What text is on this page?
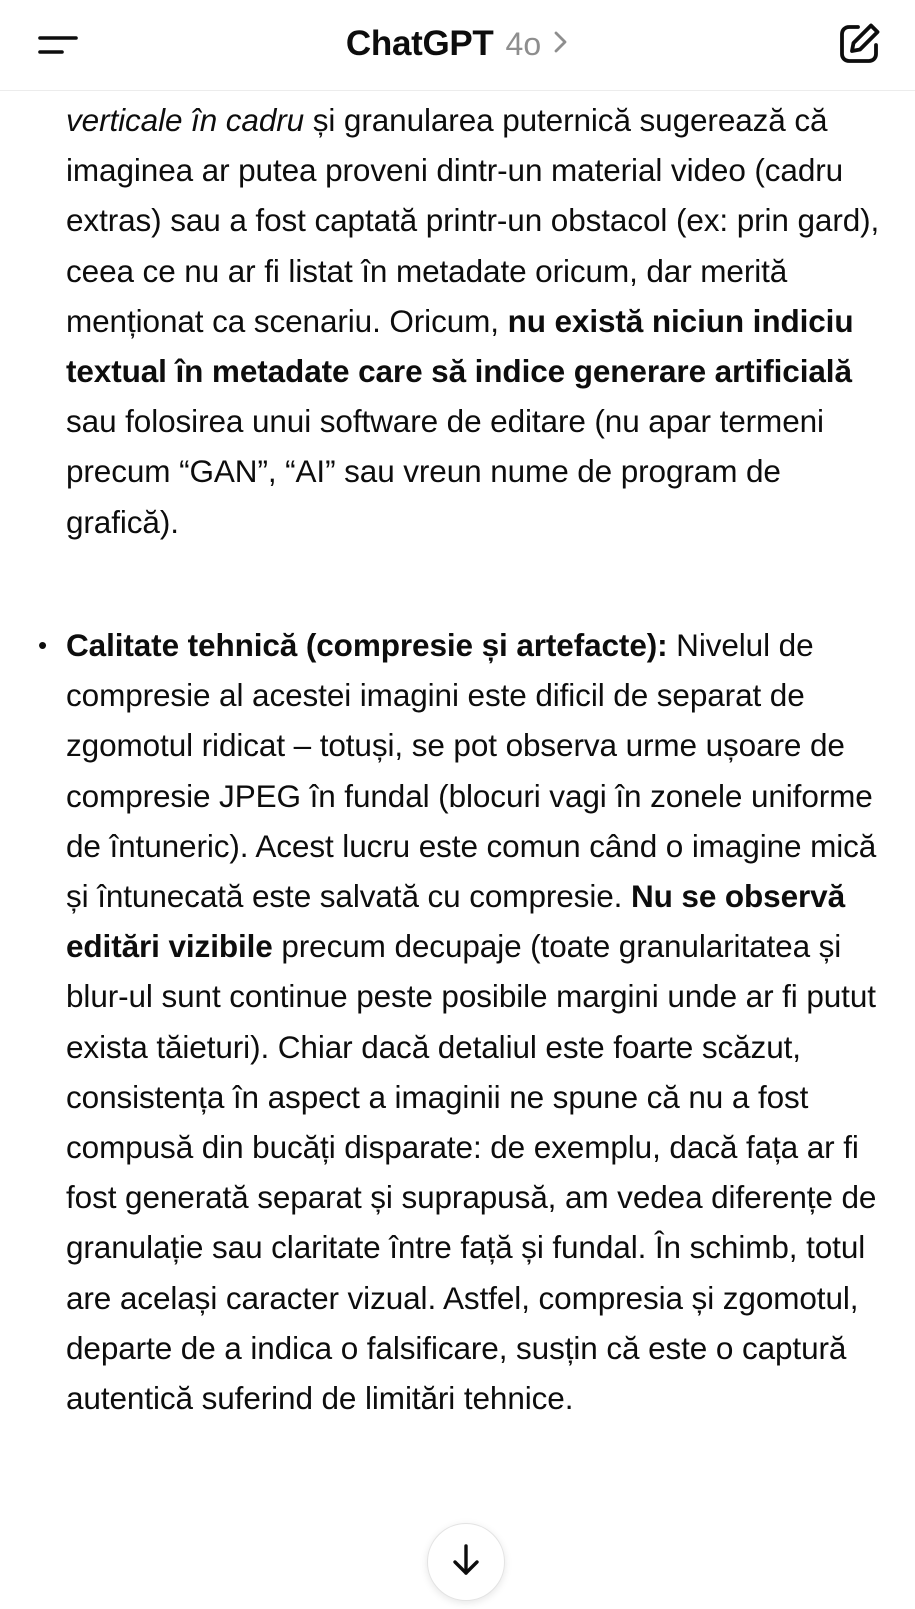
ChatGPT 4o

verticale în cadru și granularea puternică sugerează că imaginea ar putea proveni dintr-un material video (cadru extras) sau a fost captată printr-un obstacol (ex: prin gard), ceea ce nu ar fi listat în metadate oricum, dar merită menționat ca scenariu. Oricum, nu există niciun indiciu textual în metadate care să indice generare artificială sau folosirea unui software de editare (nu apar termeni precum “GAN”, “AI” sau vreun nume de program de grafică).

• Calitate tehnică (compresie și artefacte): Nivelul de compresie al acestei imagini este dificil de separat de zgomotul ridicat – totuși, se pot observa urme ușoare de compresie JPEG în fundal (blocuri vagi în zonele uniforme de întuneric). Acest lucru este comun când o imagine mică și întunecată este salvată cu compresie. Nu se observă editări vizibile precum decupaje (toate granularitatea și blur-ul sunt continue peste posibile margini unde ar fi putut exista tăieturi). Chiar dacă detaliul este foarte scăzut, consistența în aspect a imaginii ne spune că nu a fost compusă din bucăți disparate: de exemplu, dacă fața ar fi fost generată separat și suprapusă, am vedea diferențe de granulație sau claritate între față și fundal. În schimb, totul are același caracter vizual. Astfel, compresia și zgomotul, departe de a indica o falsificare, susțin că este o captură autentică suferind de limitări tehnice.
